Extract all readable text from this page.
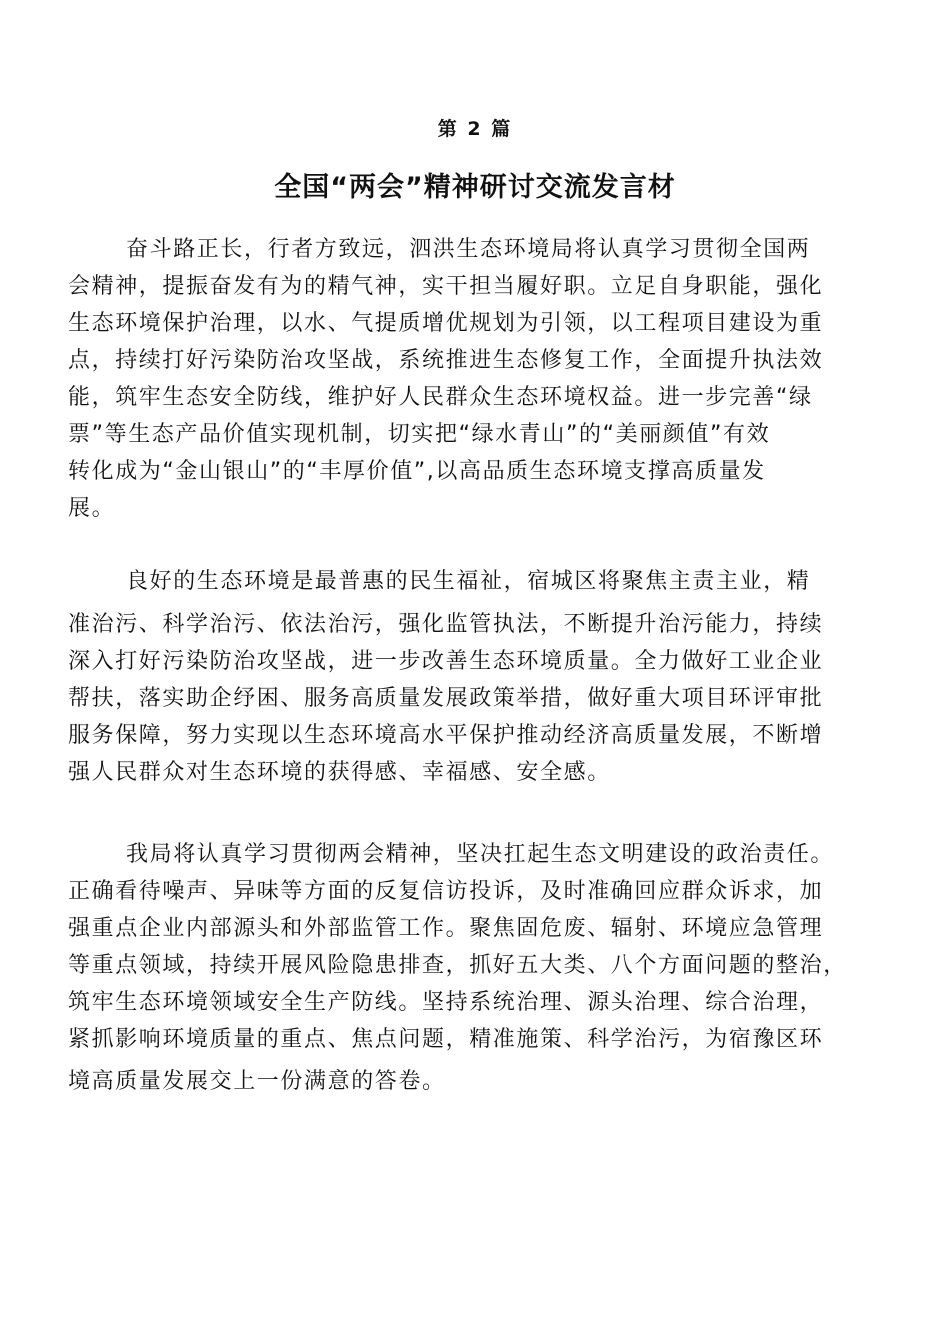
第 2 篇
全国“两会”精神研讨交流发言材
奋斗路正长，行者方致远，泗洪生态环境局将认真学习贯彻全国两
会精神，提振奋发有为的精气神，实干担当履好职。立足自身职能，强化
生态环境保护治理，以水、气提质增优规划为引领，以工程项目建设为重
点，持续打好污染防治攻坚战，系统推进生态修复工作，全面提升执法效
能，筑牢生态安全防线，维护好人民群众生态环境权益。进一步完善“绿
票”等生态产品价值实现机制，切实把“绿水青山”的“美丽颜值”有效
转化成为“金山银山”的“丰厚价值”,以高品质生态环境支撑高质量发
展。
良好的生态环境是最普惠的民生福祉，宿城区将聚焦主责主业，精
准治污、科学治污、依法治污，强化监管执法，不断提升治污能力，持续
深入打好污染防治攻坚战，进一步改善生态环境质量。全力做好工业企业
帮扶，落实助企纾困、服务高质量发展政策举措，做好重大项目环评审批
服务保障，努力实现以生态环境高水平保护推动经济高质量发展，不断增
强人民群众对生态环境的获得感、幸福感、安全感。
我局将认真学习贯彻两会精神，坚决扛起生态文明建设的政治责任。
正确看待噪声、异味等方面的反复信访投诉，及时准确回应群众诉求，加
强重点企业内部源头和外部监管工作。聚焦固危废、辐射、环境应急管理
等重点领域，持续开展风险隐患排查，抓好五大类、八个方面问题的整治，
筑牢生态环境领域安全生产防线。坚持系统治理、源头治理、综合治理，
紧抓影响环境质量的重点、焦点问题，精准施策、科学治污，为宿豫区环
境高质量发展交上一份满意的答卷。
